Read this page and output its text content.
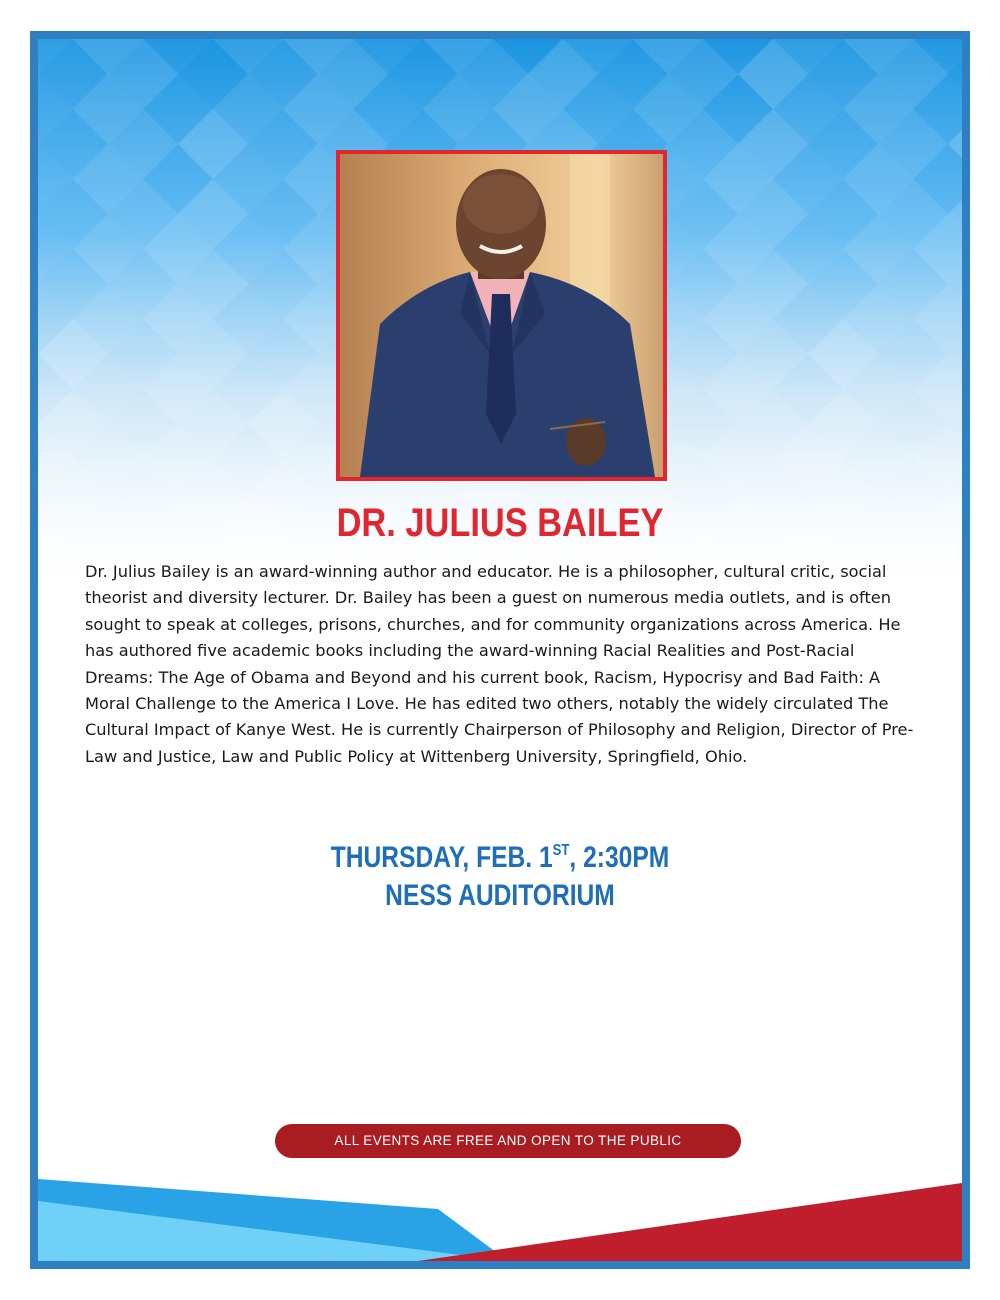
DR. JULIUS BAILEY

Dr. Julius Bailey is an award-winning author and educator. He is a philosopher, cultural critic, social theorist and diversity lecturer. Dr. Bailey has been a guest on numerous media outlets, and is often sought to speak at colleges, prisons, churches, and for community organizations across America. He has authored five academic books including the award-winning Racial Realities and Post-Racial Dreams: The Age of Obama and Beyond and his current book, Racism, Hypocrisy and Bad Faith: A Moral Challenge to the America I Love. He has edited two others, notably the widely circulated The Cultural Impact of Kanye West. He is currently Chairperson of Philosophy and Religion, Director of Pre-Law and Justice, Law and Public Policy at Wittenberg University, Springfield, Ohio.

THURSDAY, FEB. 1ST, 2:30PM
NESS AUDITORIUM
ALL EVENTS ARE FREE AND OPEN TO THE PUBLIC
